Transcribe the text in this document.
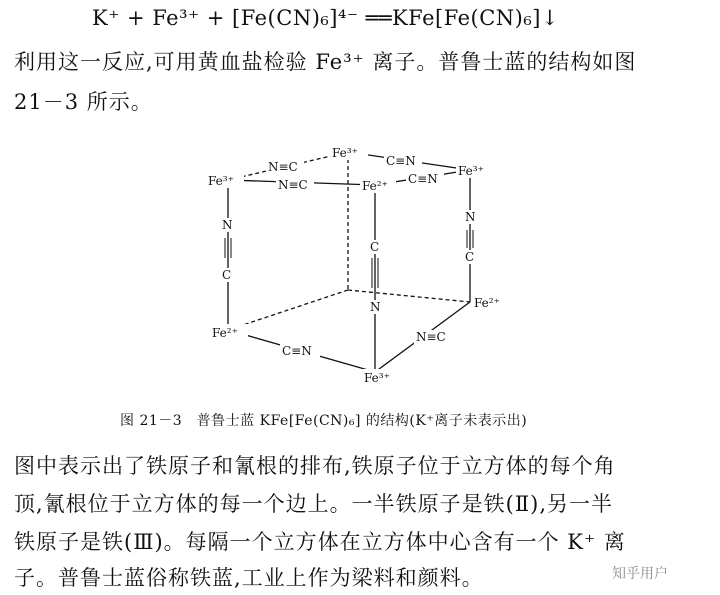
K⁺ + Fe³⁺ + [Fe(CN)₆]⁴⁻ ══KFe[Fe(CN)₆]↓
利用这一反应,可用黄血盐检验 Fe³⁺ 离子。普鲁士蓝的结构如图
21－3 所示。
Fe³⁺
Fe³⁺
Fe³⁺
Fe²⁺
Fe²⁺
Fe²⁺
Fe³⁺
N≡C	C≡N
N≡C	C≡N
N
C
N
C
C
N
C≡N
N≡C
图 21－3　普鲁士蓝 KFe[Fe(CN)₆] 的结构(K⁺离子未表示出)
图中表示出了铁原子和氰根的排布,铁原子位于立方体的每个角
顶,氰根位于立方体的每一个边上。一半铁原子是铁(Ⅱ),另一半
铁原子是铁(Ⅲ)。每隔一个立方体在立方体中心含有一个 K⁺ 离
子。普鲁士蓝俗称铁蓝,工业上作为梁料和颜料。	知乎用户
